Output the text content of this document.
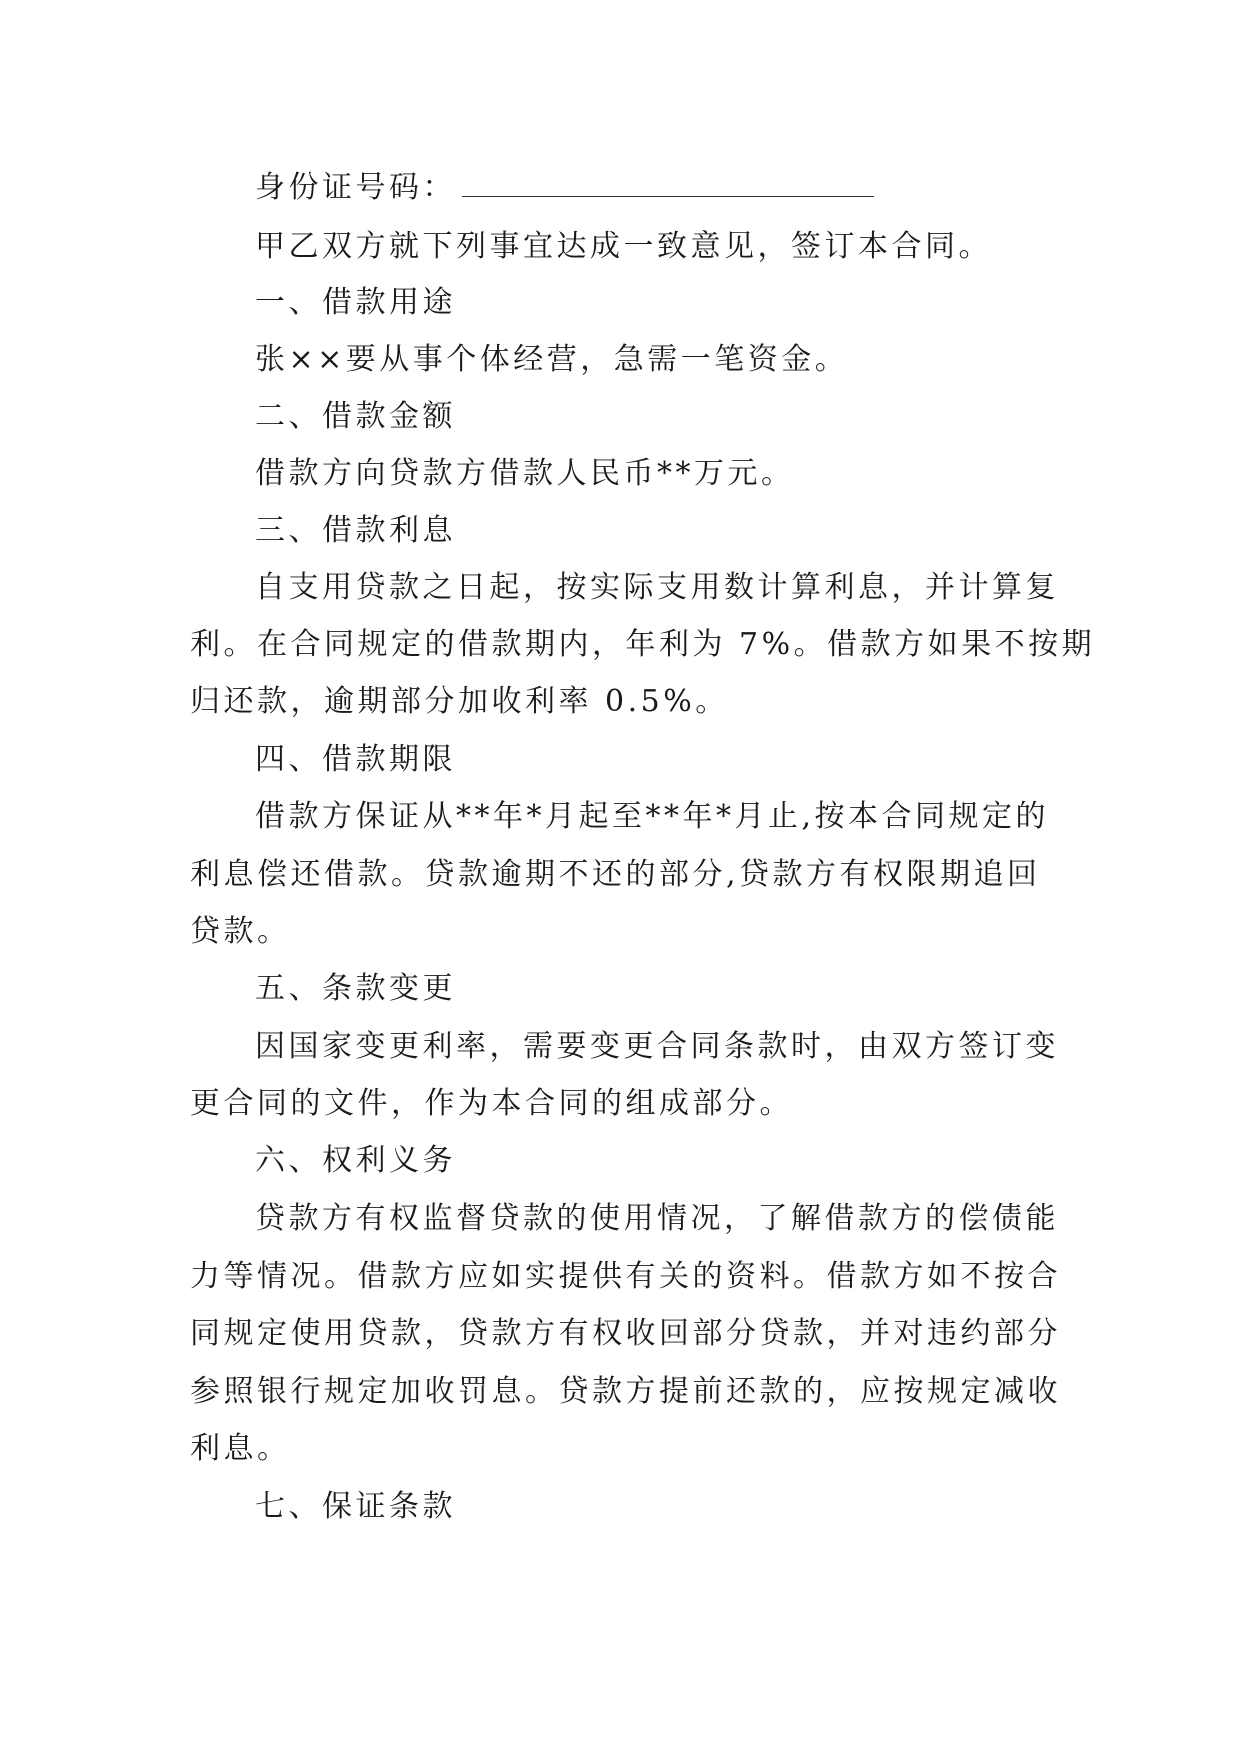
身份证号码：
甲乙双方就下列事宜达成一致意见，签订本合同。
一、借款用途
张××要从事个体经营，急需一笔资金。
二、借款金额
借款方向贷款方借款人民币**万元。
三、借款利息
自支用贷款之日起，按实际支用数计算利息，并计算复
利。在合同规定的借款期内，年利为 7%。借款方如果不按期
归还款，逾期部分加收利率 0.5%。
四、借款期限
借款方保证从**年*月起至**年*月止,按本合同规定的
利息偿还借款。贷款逾期不还的部分,贷款方有权限期追回
贷款。
五、条款变更
因国家变更利率，需要变更合同条款时，由双方签订变
更合同的文件，作为本合同的组成部分。
六、权利义务
贷款方有权监督贷款的使用情况，了解借款方的偿债能
力等情况。借款方应如实提供有关的资料。借款方如不按合
同规定使用贷款，贷款方有权收回部分贷款，并对违约部分
参照银行规定加收罚息。贷款方提前还款的，应按规定减收
利息。
七、保证条款
